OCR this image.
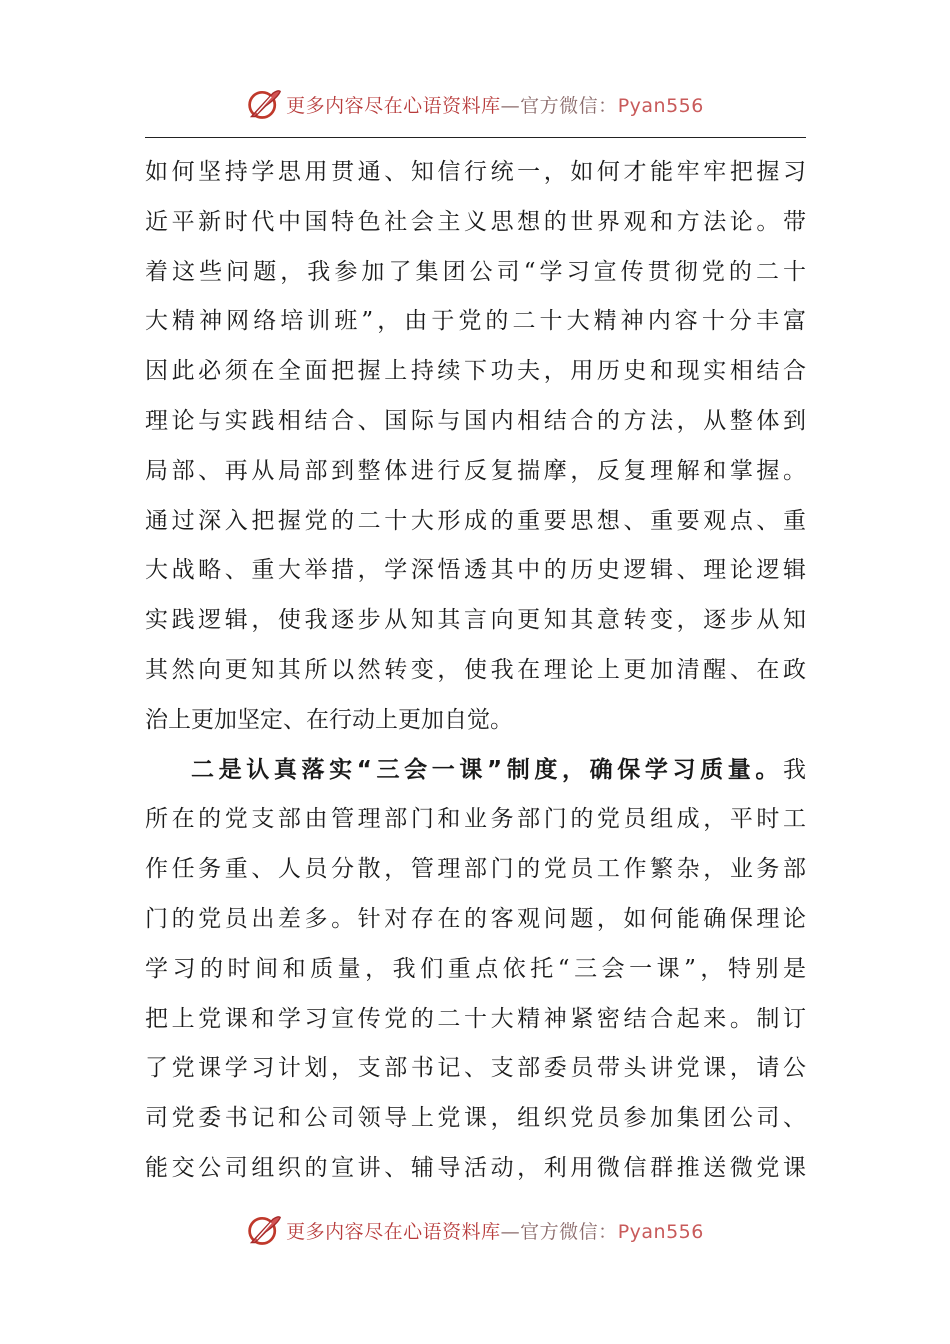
更多内容尽在心语资料库—官方微信：Pyan556
如何坚持学思用贯通、知信行统一，如何才能牢牢把握习
近平新时代中国特色社会主义思想的世界观和方法论。带
着这些问题，我参加了集团公司“学习宣传贯彻党的二十
大精神网络培训班”，由于党的二十大精神内容十分丰富
因此必须在全面把握上持续下功夫，用历史和现实相结合
理论与实践相结合、国际与国内相结合的方法，从整体到
局部、再从局部到整体进行反复揣摩，反复理解和掌握。
通过深入把握党的二十大形成的重要思想、重要观点、重
大战略、重大举措，学深悟透其中的历史逻辑、理论逻辑
实践逻辑，使我逐步从知其言向更知其意转变，逐步从知
其然向更知其所以然转变，使我在理论上更加清醒、在政
治上更加坚定、在行动上更加自觉。
二是认真落实“三会一课”制度，确保学习质量。我
所在的党支部由管理部门和业务部门的党员组成，平时工
作任务重、人员分散，管理部门的党员工作繁杂，业务部
门的党员出差多。针对存在的客观问题，如何能确保理论
学习的时间和质量，我们重点依托“三会一课”，特别是
把上党课和学习宣传党的二十大精神紧密结合起来。制订
了党课学习计划，支部书记、支部委员带头讲党课，请公
司党委书记和公司领导上党课，组织党员参加集团公司、
能交公司组织的宣讲、辅导活动，利用微信群推送微党课
更多内容尽在心语资料库—官方微信：Pyan556
